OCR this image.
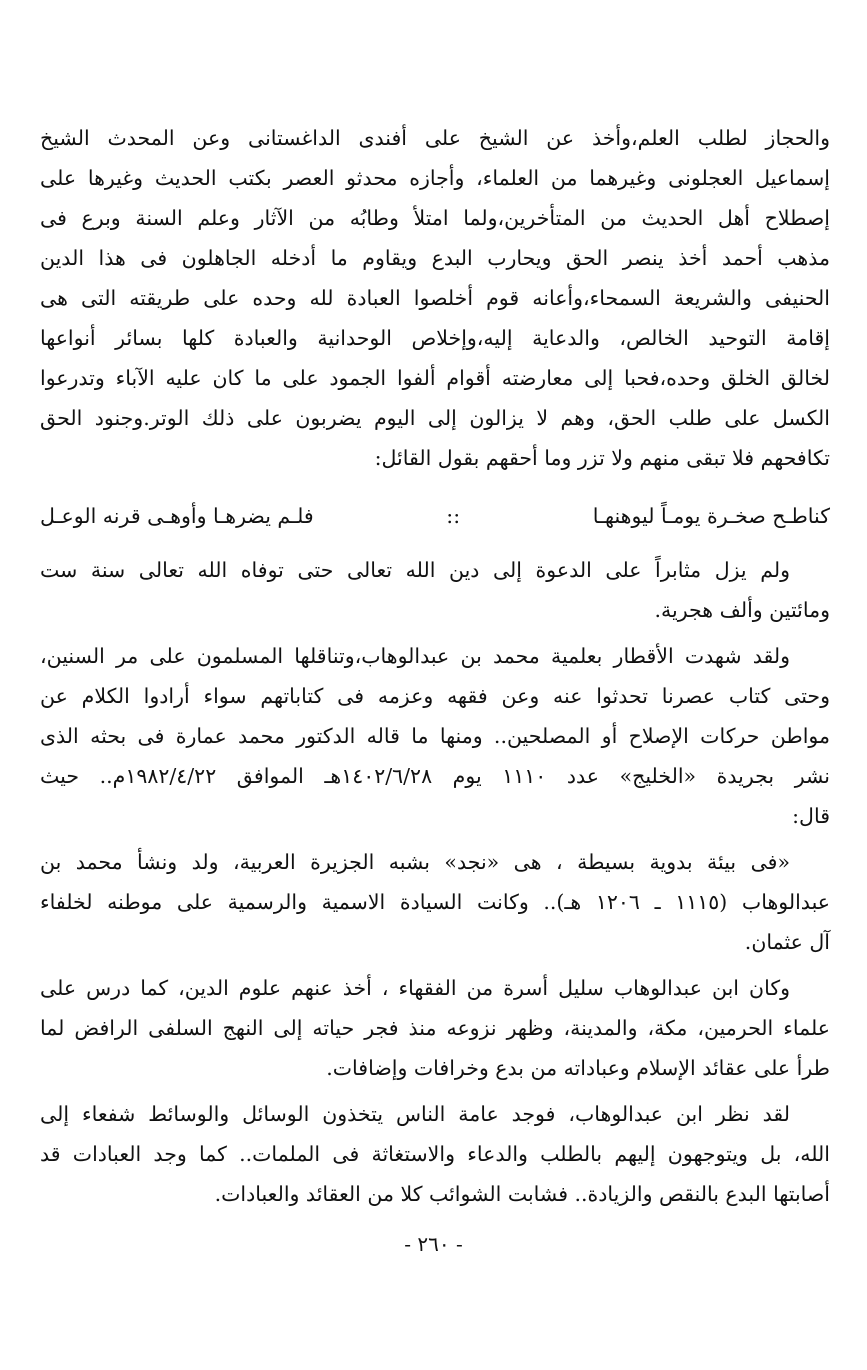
والحجاز لطلب العلم،وأخذ عن الشيخ على أفندى الداغستانى وعن المحدث الشيخ
إسماعيل العجلونى وغيرهما من العلماء، وأجازه محدثو العصر بكتب الحديث وغيرها على
إصطلاح أهل الحديث من المتأخرين،ولما امتلأ وطابُه من الآثار وعلم السنة وبرع فى
مذهب أحمد أخذ ينصر الحق ويحارب البدع ويقاوم ما أدخله الجاهلون فى هذا الدين
الحنيفى والشريعة السمحاء،وأعانه قوم أخلصوا العبادة لله وحده على طريقته التى هى
إقامة التوحيد الخالص، والدعاية إليه،وإخلاص الوحدانية والعبادة كلها بسائر أنواعها
لخالق الخلق وحده،فحبا إلى معارضته أقوام ألفوا الجمود على ما كان عليه الآباء وتدرعوا
الكسل على طلب الحق، وهم لا يزالون إلى اليوم يضربون على ذلك الوتر.وجنود الحق
تكافحهم فلا تبقى منهم ولا تزر وما أحقهم بقول القائل:
كناطـح صخـرة يومـاً ليوهنهـا
::
فلـم يضرهـا وأوهـى قرنه الوعـل
ولم يزل مثابراً على الدعوة إلى دين الله تعالى حتى توفاه الله تعالى سنة ست
ومائتين وألف هجرية.
ولقد شهدت الأقطار بعلمية محمد بن عبدالوهاب،وتناقلها المسلمون على مر السنين،
وحتى كتاب عصرنا تحدثوا عنه وعن فقهه وعزمه فى كتاباتهم سواء أرادوا الكلام عن
مواطن حركات الإصلاح أو المصلحين.. ومنها ما قاله الدكتور محمد عمارة فى بحثه الذى
نشر بجريدة «الخليج» عدد ١١١٠ يوم ١٤٠٢/٦/٢٨هـ الموافق ١٩٨٢/٤/٢٢م.. حيث
قال:
«فى بيئة بدوية بسيطة ، هى «نجد» بشبه الجزيرة العربية، ولد ونشأ محمد بن
عبدالوهاب (١١١٥ ـ ١٢٠٦ هـ).. وكانت السيادة الاسمية والرسمية على موطنه لخلفاء
آل عثمان.
وكان ابن عبدالوهاب سليل أسرة من الفقهاء ، أخذ عنهم علوم الدين، كما درس على
علماء الحرمين، مكة، والمدينة، وظهر نزوعه منذ فجر حياته إلى النهج السلفى الرافض لما
طرأ على عقائد الإسلام وعباداته من بدع وخرافات وإضافات.
لقد نظر ابن عبدالوهاب، فوجد عامة الناس يتخذون الوسائل والوسائط شفعاء إلى
الله، بل ويتوجهون إليهم بالطلب والدعاء والاستغاثة فى الملمات.. كما وجد العبادات قد
أصابتها البدع بالنقص والزيادة.. فشابت الشوائب كلا من العقائد والعبادات.
- ٢٦٠ -
